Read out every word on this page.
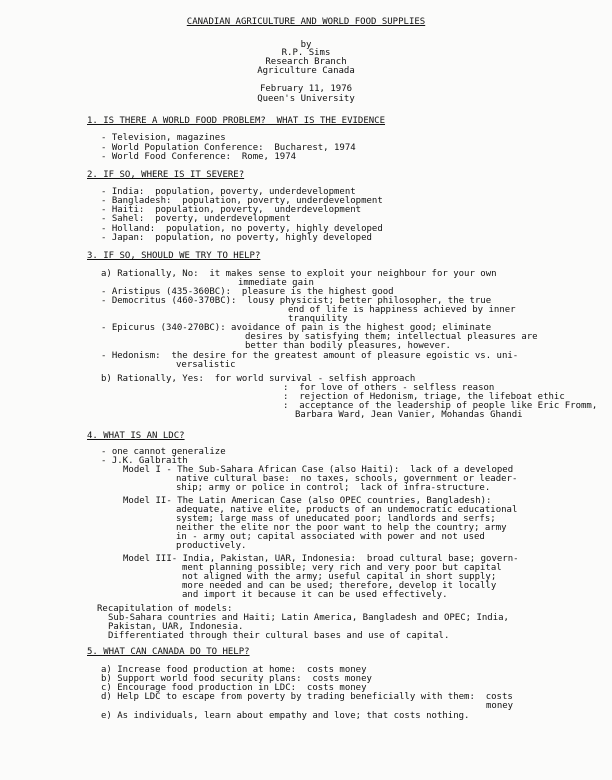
CANADIAN AGRICULTURE AND WORLD FOOD SUPPLIES
by
R.P. Sims
Research Branch
Agriculture Canada
February 11, 1976
Queen's University
1. IS THERE A WORLD FOOD PROBLEM?  WHAT IS THE EVIDENCE
- Television, magazines
- World Population Conference:  Bucharest, 1974
- World Food Conference:  Rome, 1974
2. IF SO, WHERE IS IT SEVERE?
- India:  population, poverty, underdevelopment
- Bangladesh:  population, poverty, underdevelopment
- Haiti:  population, poverty,  underdevelopment
- Sahel:  poverty, underdevelopment
- Holland:  population, no poverty, highly developed
- Japan:  population, no poverty, highly developed
3. IF SO, SHOULD WE TRY TO HELP?
a) Rationally, No:  it makes sense to exploit your neighbour for your own
immediate gain
- Aristipus (435-360BC):  pleasure is the highest good
- Democritus (460-370BC):  lousy physicist; better philosopher, the true
end of life is happiness achieved by inner
tranquility
- Epicurus (340-270BC): avoidance of pain is the highest good; eliminate
desires by satisfying them; intellectual pleasures are
better than bodily pleasures, however.
- Hedonism:  the desire for the greatest amount of pleasure egoistic vs. uni-
versalistic
b) Rationally, Yes:  for world survival - selfish approach
:  for love of others - selfless reason
:  rejection of Hedonism, triage, the lifeboat ethic
:  acceptance of the leadership of people like Eric Fromm,
Barbara Ward, Jean Vanier, Mohandas Ghandi
4. WHAT IS AN LDC?
- one cannot generalize
- J.K. Galbraith
Model I - The Sub-Sahara African Case (also Haiti):  lack of a developed
native cultural base:  no taxes, schools, government or leader-
ship; army or police in control;  lack of infra-structure.
Model II- The Latin American Case (also OPEC countries, Bangladesh):
adequate, native elite, products of an undemocratic educational
system; large mass of uneducated poor; landlords and serfs;
neither the elite nor the poor want to help the country; army
in - army out; capital associated with power and not used
productively.
Model III- India, Pakistan, UAR, Indonesia:  broad cultural base; govern-
ment planning possible; very rich and very poor but capital
not aligned with the army; useful capital in short supply;
more needed and can be used; therefore, develop it locally
and import it because it can be used effectively.
Recapitulation of models:
Sub-Sahara countries and Haiti; Latin America, Bangladesh and OPEC; India,
Pakistan, UAR, Indonesia.
Differentiated through their cultural bases and use of capital.
5. WHAT CAN CANADA DO TO HELP?
a) Increase food production at home:  costs money
b) Support world food security plans:  costs money
c) Encourage food production in LDC:  costs money
d) Help LDC to escape from poverty by trading beneficially with them:  costs
money
e) As individuals, learn about empathy and love; that costs nothing.
